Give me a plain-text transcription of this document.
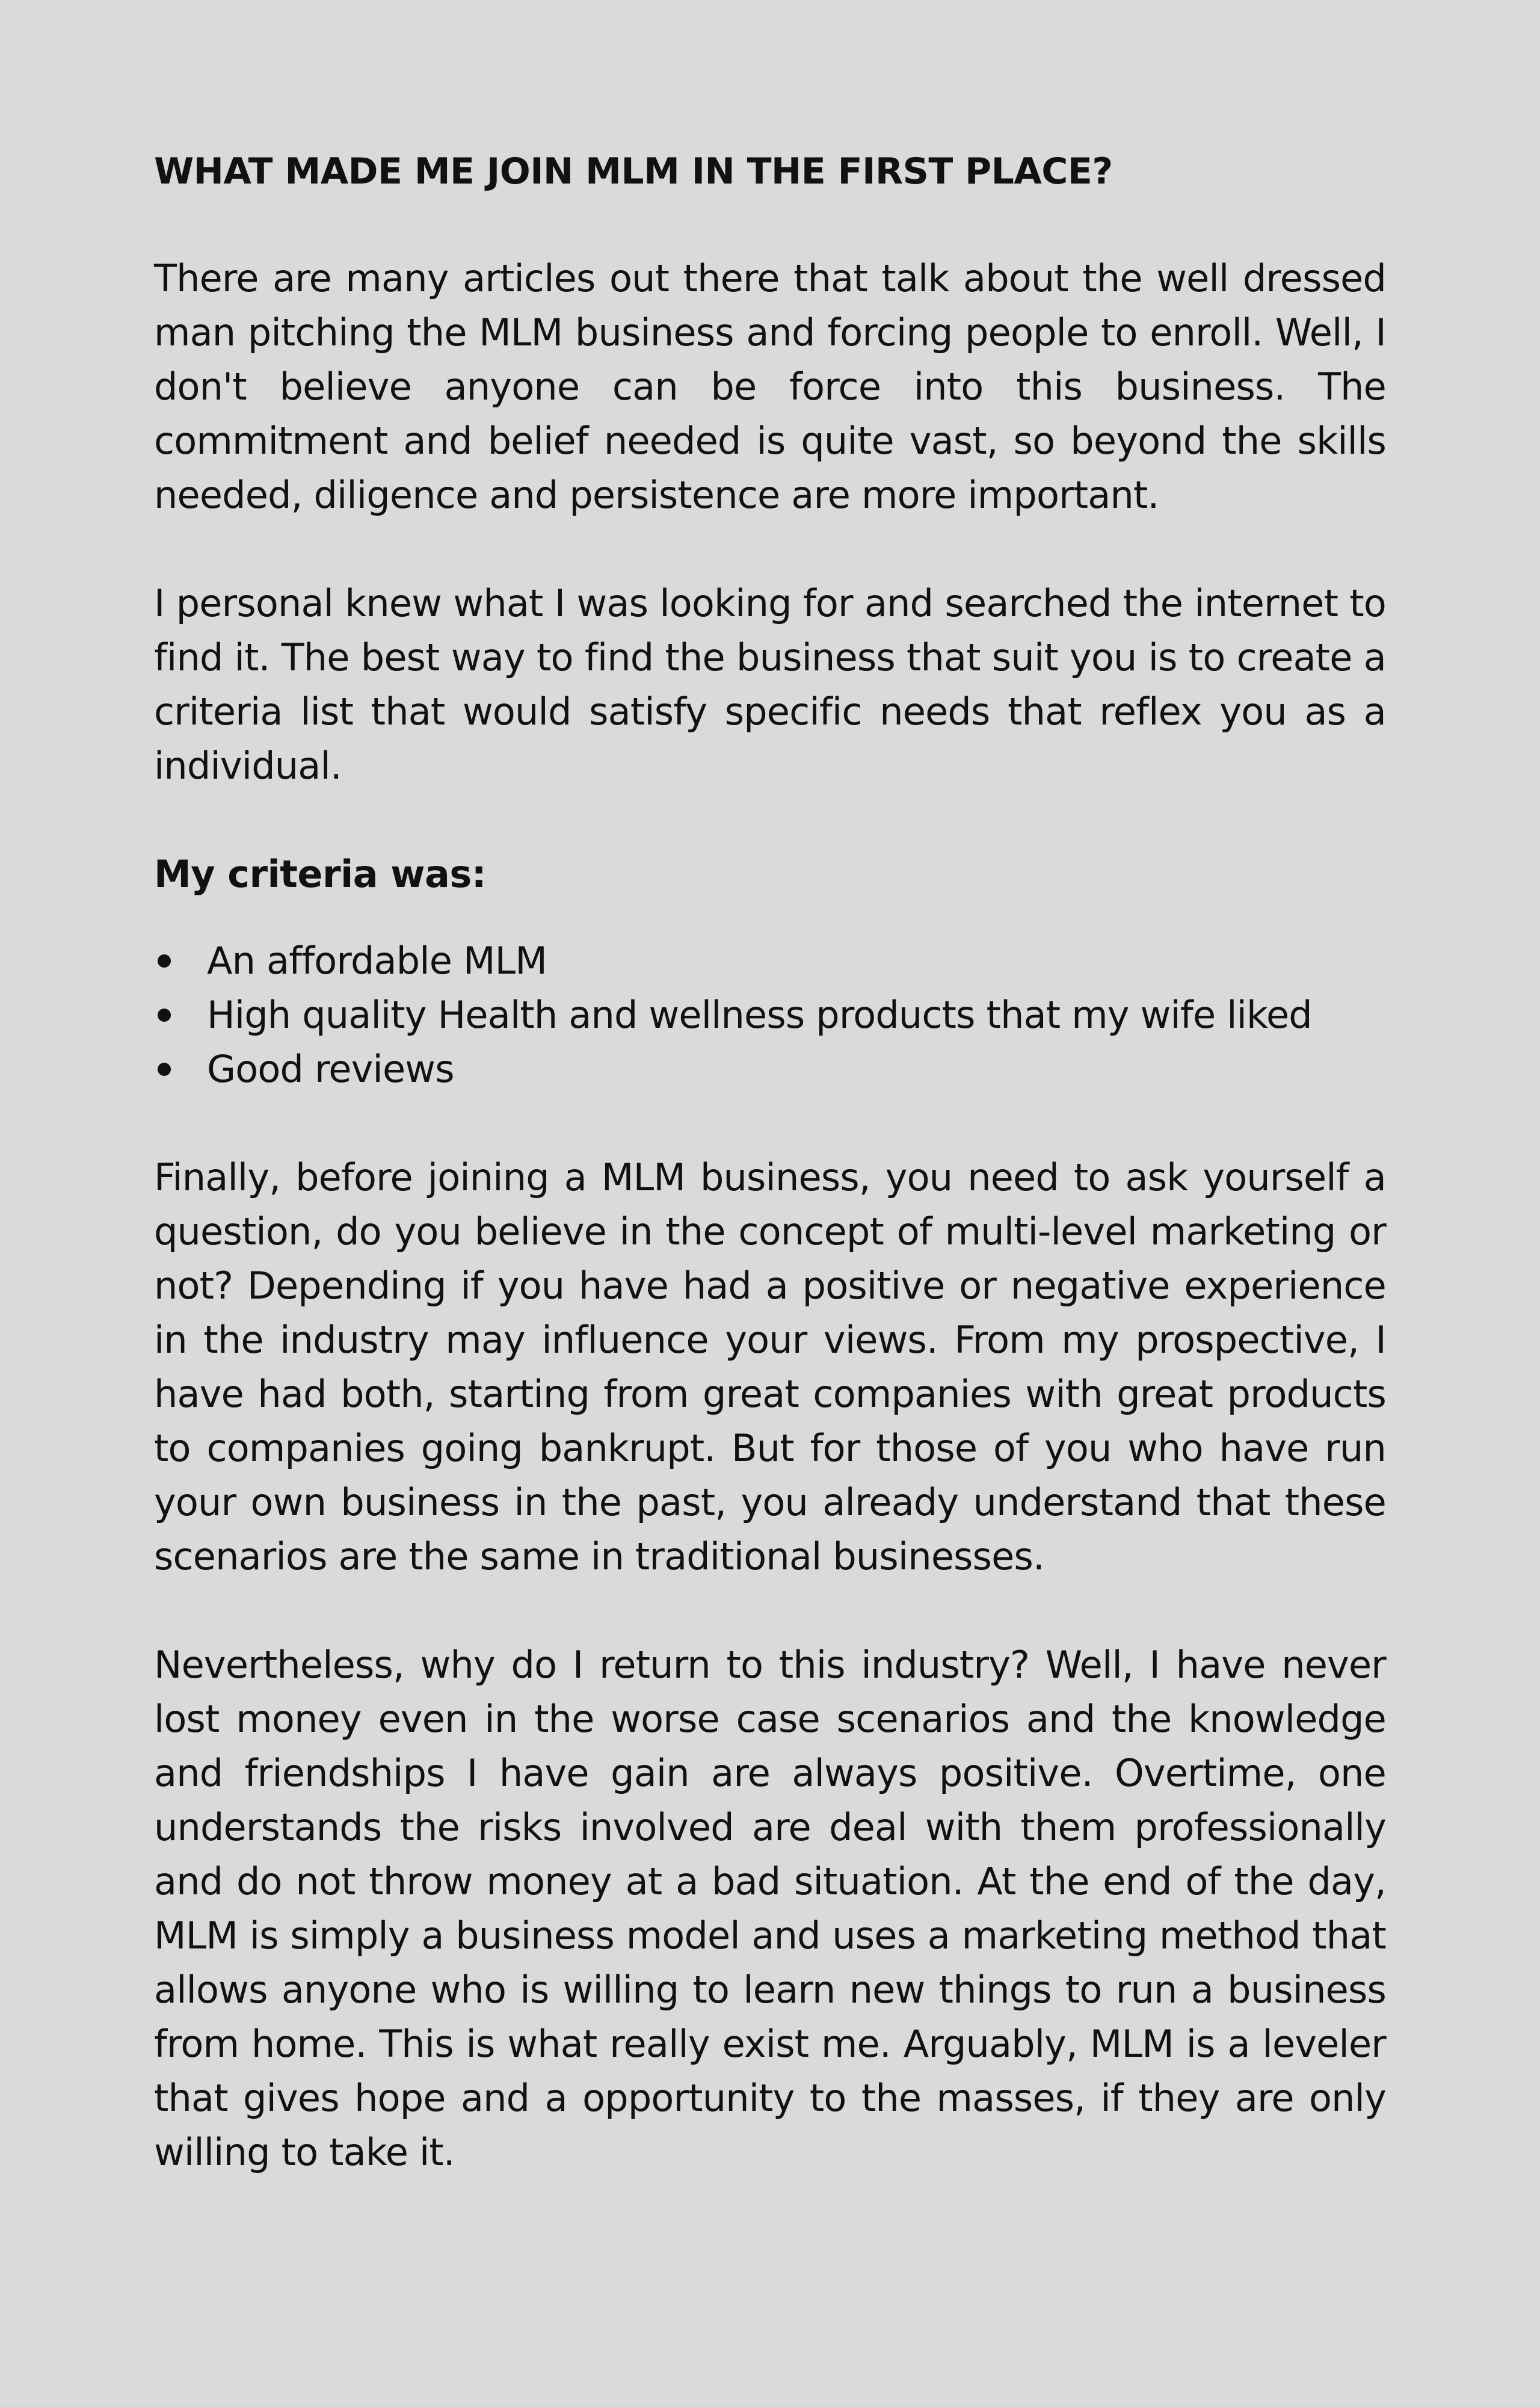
WHAT MADE ME JOIN MLM IN THE FIRST PLACE?

There are many articles out there that talk about the well dressed man pitching the MLM business and forcing people to enroll. Well, I don't believe anyone can be force into this business. The commitment and belief needed is quite vast, so beyond the skills needed, diligence and persistence are more important.

I personal knew what I was looking for and searched the internet to find it. The best way to find the business that suit you is to create a criteria list that would satisfy specific needs that reflex you as a individual.

My criteria was:
An affordable MLM
High quality Health and wellness products that my wife liked
Good reviews

Finally, before joining a MLM business, you need to ask yourself a question, do you believe in the concept of multi-level marketing or not? Depending if you have had a positive or negative experience in the industry may influence your views. From my prospective, I have had both, starting from great companies with great products to companies going bankrupt. But for those of you who have run your own business in the past, you already understand that these scenarios are the same in traditional businesses.

Nevertheless, why do I return to this industry? Well, I have never lost money even in the worse case scenarios and the knowledge and friendships I have gain are always positive. Overtime, one understands the risks involved are deal with them professionally and do not throw money at a bad situation. At the end of the day, MLM is simply a business model and uses a marketing method that allows anyone who is willing to learn new things to run a business from home. This is what really exist me. Arguably, MLM is a leveler that gives hope and a opportunity to the masses, if they are only willing to take it.
